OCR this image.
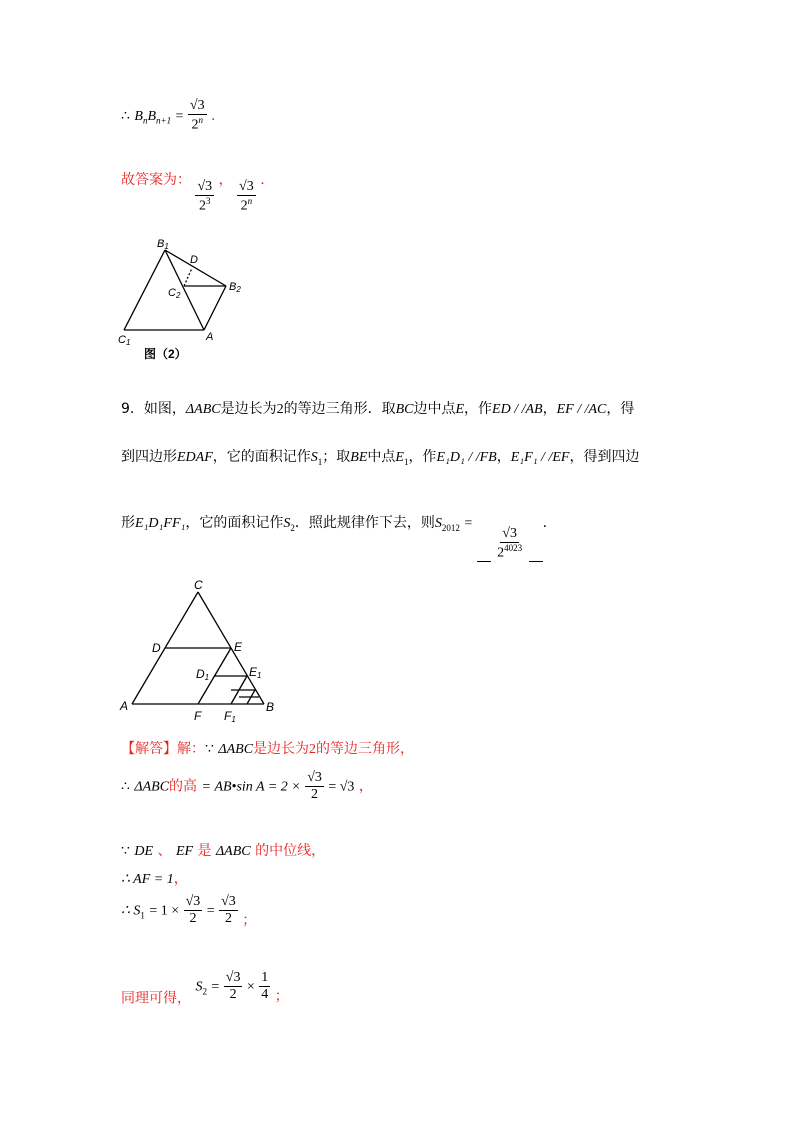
∴ $B_nB_{n+1} = \frac{√3}{2^n}$ .
故答案为： $\frac{√3}{2^3}$ ， $\frac{√3}{2^n}$ .
B1
D
C2
B2
C1	A
图（2）
9．如图，ΔABC是边长为2的等边三角形．取BC边中点E，作ED / /AB，EF / /AC，得
到四边形EDAF，它的面积记作$S_1$；取BE中点$E_1$，作E₁D₁ / /FB，E₁F₁ / /EF，得到四边
形E₁D₁FF₁，它的面积记作$S_2$．照此规律作下去，则$S_{2012}$ =
$\frac{√3}{2^{4023}}$
.
C
D	E
D1	E1
A
F F1
B
【解答】解：∵ ΔABC是边长为2的等边三角形，
∴ ΔABC的高 = AB•sin $A = 2 \times \frac{√3}{2} = √3$ ，
∵ DE 、 EF 是 ΔABC 的中位线，
∴ AF = 1，
∴ $S_1 = 1 \times \frac{√3}{2} = \frac{√3}{2}$ ；
同理可得， $S_2 = \frac{√3}{2} \times \frac{1}{4}$ ；
